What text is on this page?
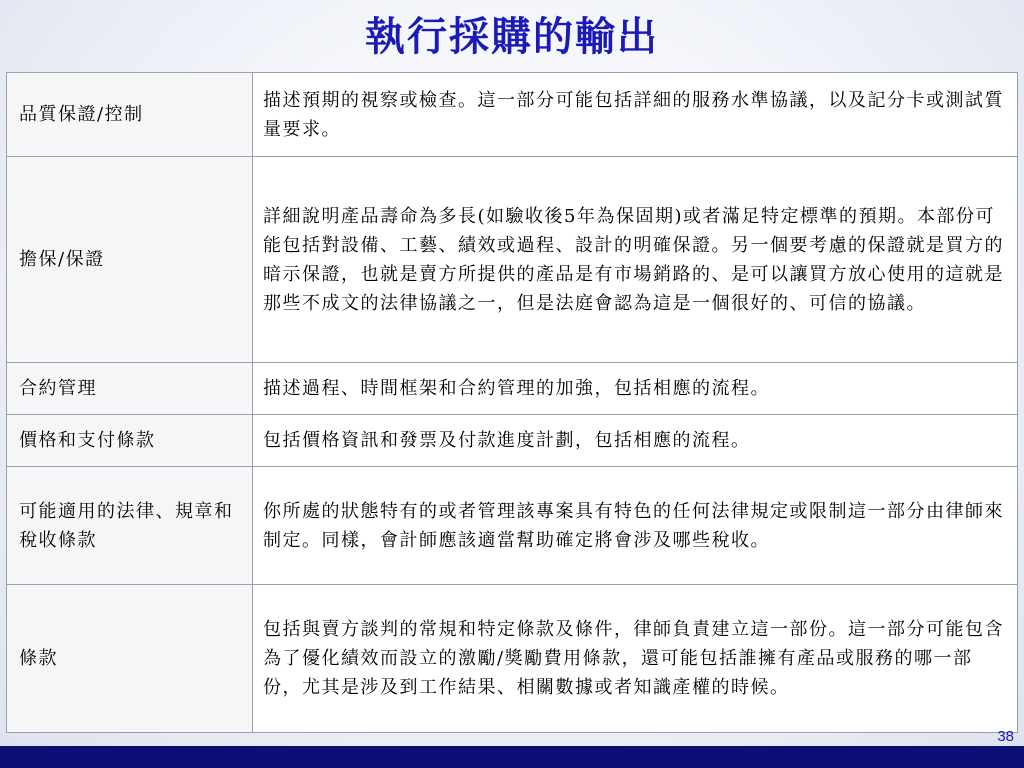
執行採購的輸出
品質保證/控制	描述預期的視察或檢查。這一部分可能包括詳細的服務水準協議，以及記分卡或測試質量要求。
擔保/保證	詳細說明產品壽命為多長(如驗收後5年為保固期)或者滿足特定標準的預期。本部份可能包括對設備、工藝、績效或過程、設計的明確保證。另一個要考慮的保證就是買方的暗示保證，也就是賣方所提供的產品是有市場銷路的、是可以讓買方放心使用的這就是那些不成文的法律協議之一，但是法庭會認為這是一個很好的、可信的協議。
合約管理	描述過程、時間框架和合約管理的加強，包括相應的流程。
價格和支付條款	包括價格資訊和發票及付款進度計劃，包括相應的流程。
可能適用的法律、規章和稅收條款	你所處的狀態特有的或者管理該專案具有特色的任何法律規定或限制這一部分由律師來制定。同樣，會計師應該適當幫助確定將會涉及哪些稅收。
條款	包括與賣方談判的常規和特定條款及條件，律師負責建立這一部份。這一部分可能包含為了優化績效而設立的激勵/獎勵費用條款，還可能包括誰擁有產品或服務的哪一部份，尤其是涉及到工作結果、相關數據或者知識產權的時候。
38
